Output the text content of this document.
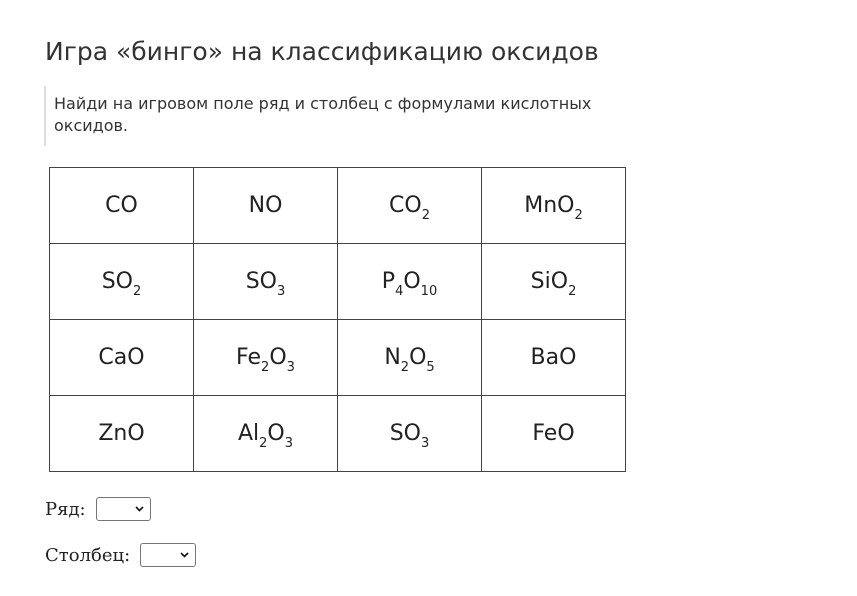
Игра «бинго» на классификацию оксидов
Найди на игровом поле ряд и столбец с формулами кислотных оксидов.
CO	NO	$CO_2$	MnO$_2$
$SO_2$	$SO_3$	$P_4O_{10}$	SiO$_2$
CaO	$Fe_2O_3$	$N_2O_5$	BaO
ZnO	$Al_2O_3$	$SO_3$	FeO
Ряд:
Столбец:
